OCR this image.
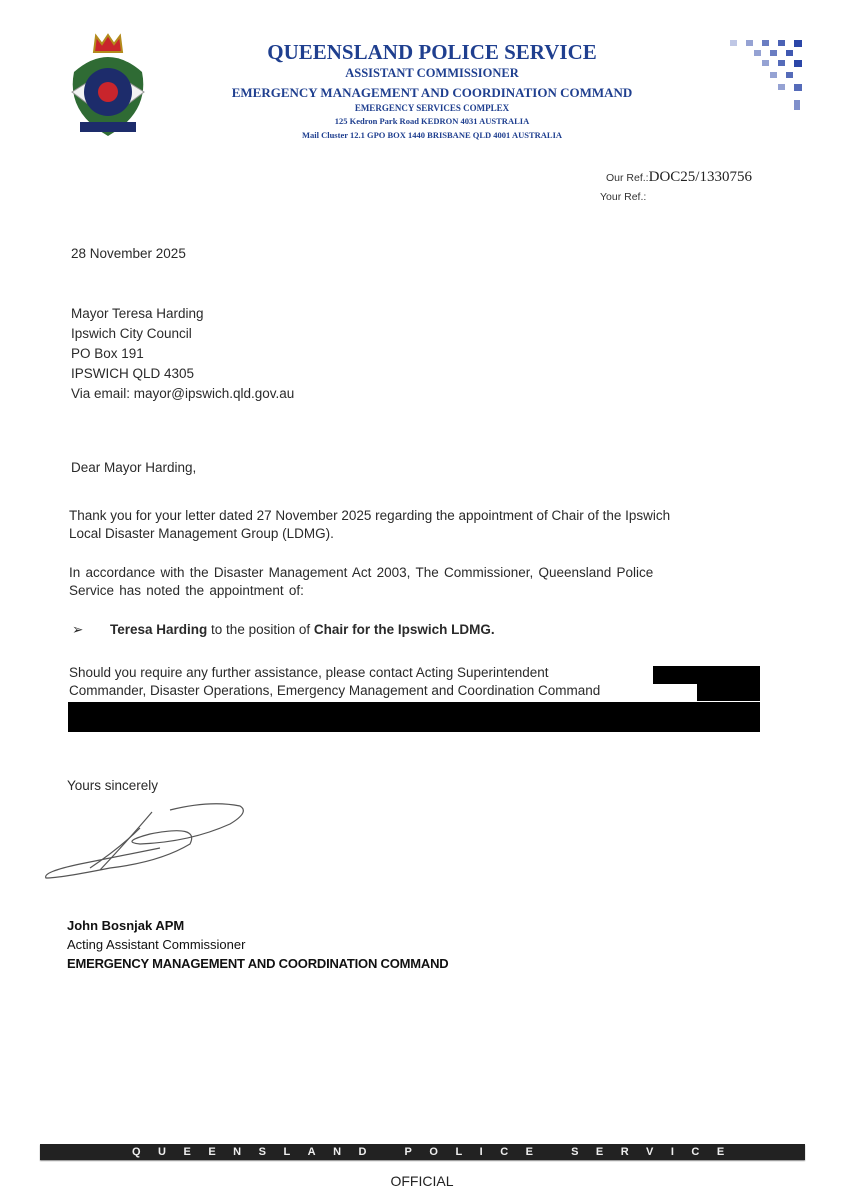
QUEENSLAND POLICE SERVICE
ASSISTANT COMMISSIONER
EMERGENCY MANAGEMENT AND COORDINATION COMMAND
EMERGENCY SERVICES COMPLEX
125 Kedron Park Road KEDRON 4031 AUSTRALIA
Mail Cluster 12.1 GPO BOX 1440 BRISBANE QLD 4001 AUSTRALIA
Our Ref.:DOC25/1330756
Your Ref.:
28 November 2025
Mayor Teresa Harding
Ipswich City Council
PO Box 191
IPSWICH QLD 4305
Via email: mayor@ipswich.qld.gov.au
Dear Mayor Harding,
Thank you for your letter dated 27 November 2025 regarding the appointment of Chair of the Ipswich
Local Disaster Management Group (LDMG).
In accordance with the Disaster Management Act 2003, The Commissioner, Queensland Police
Service has noted the appointment of:
➢ Teresa Harding to the position of Chair for the Ipswich LDMG.
Should you require any further assistance, please contact Acting Superintendent
Commander, Disaster Operations, Emergency Management and Coordination Command
Yours sincerely
John Bosnjak APM
Acting Assistant Commissioner
EMERGENCY MANAGEMENT AND COORDINATION COMMAND
QUEENSLAND POLICE SERVICE
OFFICIAL
